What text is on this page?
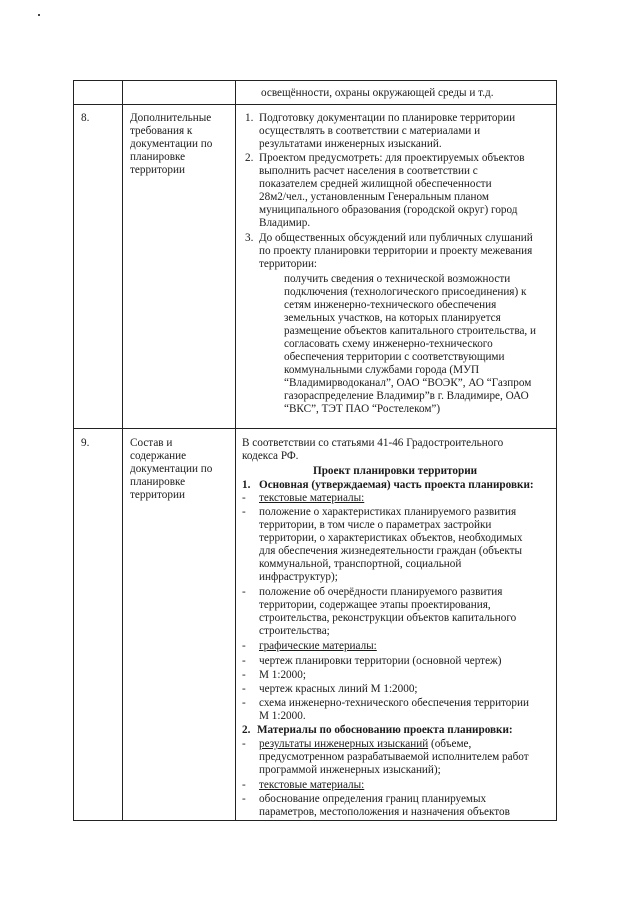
освещённости, охраны окружающей среды и т.д.
8.	Дополнительные
требования к
документации по
планировке
территории
1. Подготовку документации по планировке территории
осуществлять в соответствии с материалами и
результатами инженерных изысканий.
2. Проектом предусмотреть: для проектируемых объектов
выполнить расчет населения в соответствии с
показателем средней жилищной обеспеченности
28м2/чел., установленным Генеральным планом
муниципального образования (городской округ) город
Владимир.
3. До общественных обсуждений или публичных слушаний
по проекту планировки территории и проекту межевания
территории:
получить сведения о технической возможности
подключения (технологического присоединения) к
сетям инженерно-технического обеспечения
земельных участков, на которых планируется
размещение объектов капитального строительства, и
согласовать схему инженерно-технического
обеспечения территории с соответствующими
коммунальными службами города (МУП
“Владимирводоканал”, ОАО “ВОЭК”, АО “Газпром
газораспределение Владимир”в г. Владимире, ОАО
“ВКС”, ТЭТ ПАО “Ростелеком”)
9.	Состав и
содержание
документации по
планировке
территории
В соответствии со статьями 41-46 Градостроительного
кодекса РФ.
Проект планировки территории
1. Основная (утверждаемая) часть проекта планировки:
- текстовые материалы:
- положение о характеристиках планируемого развития
территории, в том числе о параметрах застройки
территории, о характеристиках объектов, необходимых
для обеспечения жизнедеятельности граждан (объекты
коммунальной, транспортной, социальной
инфраструктур);
- положение об очерёдности планируемого развития
территории, содержащее этапы проектирования,
строительства, реконструкции объектов капитального
строительства;
- графические материалы:
- чертеж планировки территории (основной чертеж)
- М 1:2000;
- чертеж красных линий М 1:2000;
- схема инженерно-технического обеспечения территории
М 1:2000.
2. Материалы по обоснованию проекта планировки:
- результаты инженерных изысканий (объеме,
предусмотренном разрабатываемой исполнителем работ
программой инженерных изысканий);
- текстовые материалы:
- обоснование определения границ планируемых
параметров, местоположения и назначения объектов
